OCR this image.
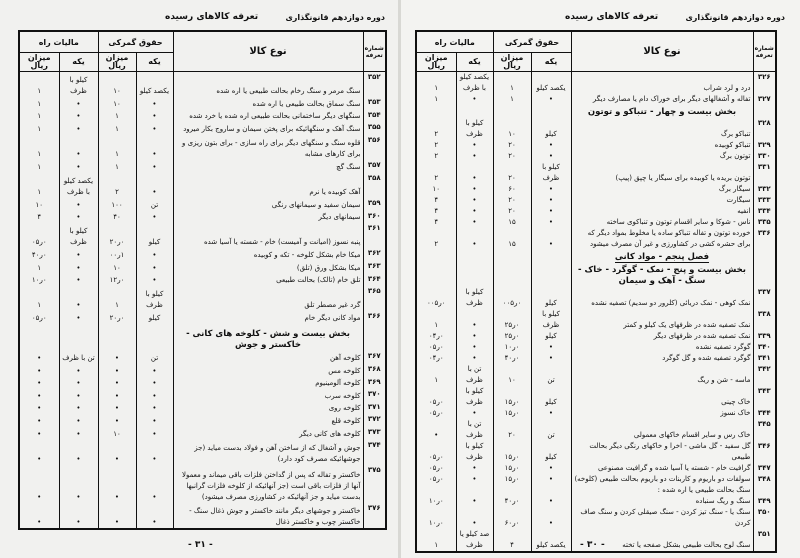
دوره دوازدهم قانونگذاری
تعرفه کالاهای رسیده
شماره تعرفه	نوع کالا	حقوق گمرکی		مالیات راه	
		یکه	میزان ریال	یکه	میزان ریال
۳۵۲	سنگ مرمر و سنگ رخام بحالت طبیعی یا اره شده	یکصد کیلو	۱۰	کیلو با ظرف	۱
۳۵۳	سنگ سماق بحالت طبیعی یا اره شده	•	۱۰	•	۱
۳۵۴	سنگهای دیگر ساختمانی بحالت طبیعی اره شده یا خرد شده	•	۱	•	۱
۳۵۵	سنگ آهک و سنگهائیکه برای پختن سیمان و ساروج بکار میرود	•	۱	•	۱
۳۵۶	قلوه سنگ و سنگهای دیگر برای راه سازی - برای بتون ریزی و برای کارهای مشابه	•	۱	•	۱
۳۵۷	سنگ گچ	•	۱	•	۱
۳۵۸	آهک کوبیده یا نرم	•	۲	یکصد کیلو با ظرف	۱
۳۵۹	سیمان سفید و سیمانهای رنگی	تن	۱۰۰	•	۱۰
۳۶۰	سیمانهای دیگر	•	۴۰	•	۴
۳۶۱	پنبه نسوز (امیانت و آمیست) خام - شسته یا آسیا شده	کیلو	۰ر۲۰	کیلو با ظرف	۰ر۰۵
۳۶۲	میکا خام بشکل کلوخه - تکه و کوبیده	•	۱ر۰۰	•	۰ر۴۰
۳۶۳	میکا بشکل ورق (تلق)	•	۱۰	•	۱
۳۶۴	تلق خام (تالک) بحالت طبیعی	•	۰ر۱۲	•	۰ر۱۰
۳۶۵	گرد غیر مصطر تلق	کیلو با ظرف	۱	•	۱
۳۶۶	مواد کانی دیگر خام	کیلو	۰ر۲۰	•	۰ر۰۵
	بخش بیست و شش - کلوخه های کانی - خاکستر و جوش				
۳۶۷	کلوخه آهن	تن	•	تن با ظرف	•
۳۶۸	کلوخه مس	•	•	•	•
۳۶۹	کلوخه آلومینیوم	•	•	•	•
۳۷۰	کلوخه سرب	•	•	•	•
۳۷۱	کلوخه روی	•	•	•	•
۳۷۲	کلوخه قلع	•	•	•	•
۳۷۳	کلوخه های کانی دیگر	•	۱۰	•	•
۳۷۴	جوش و آشغال که از ساختن آهن و فولاد بدست میاید (جز جوشهائیکه مصرف کود دارد)	•	•	•	•
۳۷۵	خاکستر و تفاله که پس از گداختن فلزات باقی میماند و معمولا آنها از فلزات باقی است (جز آنهائیکه از کلوخه فلزات گرانبها بدست میاید و جز آنهائیکه در کشاورزی مصرف میشود)	•	•	•	•
۳۷۶	خاکستر و جوشهای دیگر مانند خاکستر و جوش ذغال سنگ - خاکستر چوب و خاکستر ذغال	•	•	•	•

- ۳۱ -
دوره دوازدهم قانونگذاری
تعرفه کالاهای رسیده
شماره تعرفه	نوع کالا	حقوق گمرکی		مالیات راه	
		یکه	میزان ریال	یکه	میزان ریال
۳۲۶	درد و لرد شراب	یکصد کیلو	۱	یکصد کیلو با ظرف	۱
۳۲۷	تفاله و آشغالهای دیگر برای خوراک دام یا مصارف دیگر	•	۱	•	۱
	بخش بیست و چهار - تنباکو و توتون				
۳۲۸	تنباکو برگ	کیلو	۱۰	کیلو با ظرف	۲
۳۲۹	تنباکو کوبیده	•	۲۰	•	۲
۳۳۰	توتون برگ	•	۲۰	•	۲
۳۳۱	توتون بریده یا کوبیده برای سیگار یا چپق (پیپ)	کیلو با ظرف	۲۰	•	۲
۳۳۲	سیگار برگ	•	۶۰	•	۱۰
۳۳۳	سیگارت	•	۲۰	•	۴
۳۳۴	انفیه	•	۲۰	•	۴
۳۳۵	ناس - شوکا و سایر اقسام توتون و تنباکوی ساخته	•	۱۵	•	۴
۳۳۶	خورده توتون و تفاله تنباکو ساده یا مخلوط بمواد دیگر که برای حشره کشی در کشاورزی و غیر آن مصرف میشود	•	۱۵	•	۲
	فصل پنجم - مواد کانی				
	بخش بیست و پنج - نمک - گوگرد - خاک - سنگ - آهک و سیمان				
۳۳۷	نمک کوهی - نمک دریائی (کلرور دو سدیم) تصفیه نشده	کیلو	۰ر۰۰۵	کیلو با ظرف	۰ر۰۰۵
۳۳۸	نمک تصفیه شده در ظرفهای یک کیلو و کمتر	کیلو با ظرف	۰ر۲۵	•	۱
۳۳۹	نمک تصفیه شده در ظرفهای دیگر	کیلو	۰ر۲۵	•	۰ر۰۴
۳۴۰	گوگرد تصفیه نشده	•	۰ر۱۰	•	۰ر۰۵
۳۴۱	گوگرد تصفیه شده و گل گوگرد	•	۰ر۴۰	•	۰ر۰۴
۳۴۲	ماسه - شن و ریگ	تن	۱۰	تن با ظرف	۱
۳۴۳	خاک چینی	کیلو	۰ر۱۵	کیلو با ظرف	۰ر۰۵
۳۴۴	خاک نسوز	•	۰ر۱۵	•	۰ر۰۵
۳۴۵	خاک رس و سایر اقسام خاکهای معمولی	تن	۲۰	تن با ظرف	•
۳۴۶	گل سفید - گل ماشی - اخرا و خاکهای رنگی دیگر بحالت طبیعی	کیلو	۰ر۱۵	کیلو با ظرف	۰ر۰۵
۳۴۷	گرافیت خام - شسته یا آسیا شده و گرافیت مصنوعی	•	۰ر۱۵	•	۰ر۰۵
۳۴۸	سولفات دو باریوم و کاربنات دو باریوم بحالت طبیعی (کلوخه)	•	۰ر۱۵	•	۰ر۰۵
	سنگ بحالت طبیعی یا اره شده :				
۳۴۹	سنگ و ریگ سنباده	•	۰ر۴۰	•	۰ر۱۰
۳۵۰	سنگ یا - سنگ تیز کردن - سنگ صیقلی کردن و سنگ صاف کردن	•	۰ر۶۰	•	۰ر۱۰
۳۵۱	سنگ لوح بحالت طبیعی بشکل صفحه یا تخته	یکصد کیلو	۴	صد کیلو یا ظرف	۱
						- ۳۰ -
